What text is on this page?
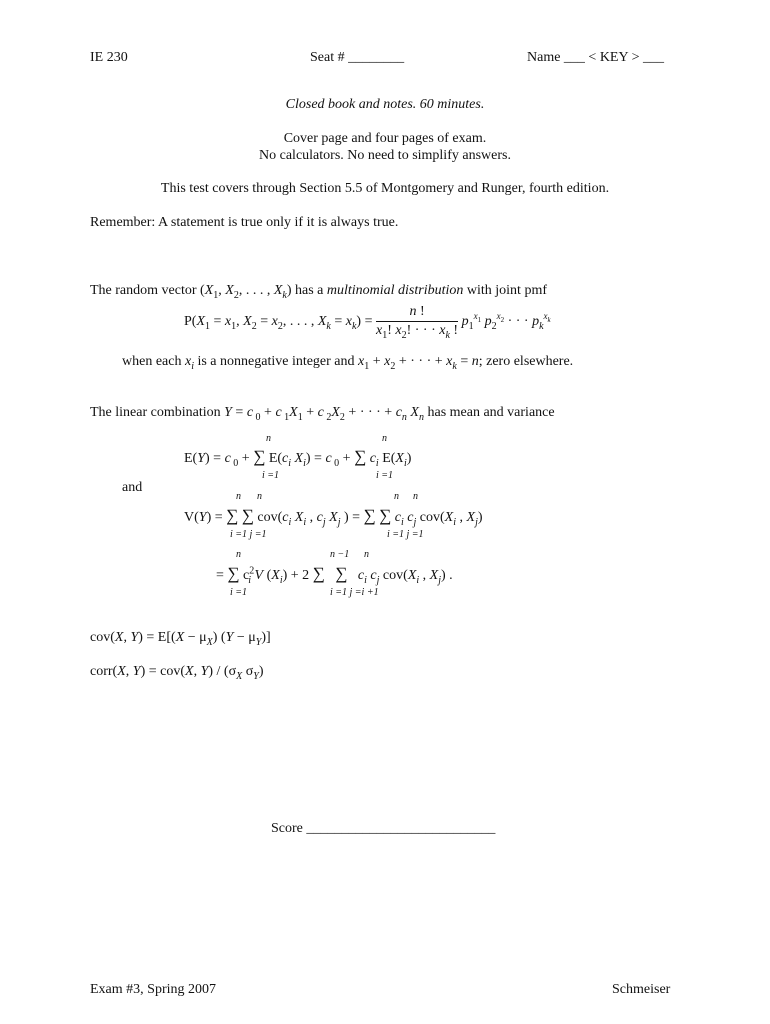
IE 230	Seat # ________	Name ___ < KEY > ___
Closed book and notes. 60 minutes.
Cover page and four pages of exam.
No calculators. No need to simplify answers.
This test covers through Section 5.5 of Montgomery and Runger, fourth edition.
Remember: A statement is true only if it is always true.
The random vector ($X_1$, $X_2$, . . . , $X_k$) has a multinomial distribution with joint pmf
$P(X_1 = x_1$, $X_2 = x_2$, . . . , $X_k = x_k) = \frac{n !}{x_1! x_2! \cdot \cdot \cdot x_k !} p_1^{x_1}$ $p_2^{x_2}$ · · · $p_k^{x_k}$
when each $x_i$ is a nonnegative integer and $x_1 + x_2$ + · · · + $x_k = n$; zero elsewhere.
The linear combination Y = c $_0$ + c $_1X_1 + c$ $_2X_2$ + · · · + $c_n$ $X_n$ has mean and variance
n	n
E(Y) = c $_0$ + ∑ $E(c_i$ $X_i) = c$ $_0$ + ∑ $c_i$ $E(X_i)$
i =1	i =1
and
n n	n n
V(Y) = ∑ ∑ $cov(c_i$ $X_i$ , $c_j$ $X_j$ ) = ∑ ∑ $c_i$ $c_j$ $cov(X_i$ , $X_j$)
i =1 j =1	i =1 j =1
n	n −1 n
= ∑ $c^2_i$ V $(X_i) + 2$ ∑ ∑ $c_i$ $c_j$ $cov(X_i$ , $X_j$) .
i =1	i =1 j =i +1
cov(X, $Y) = E[(X - \mu_X)$ $(Y - \mu_Y)$]
corr(X, Y) = cov(X, $Y) / (\sigma_X$ $\sigma_Y$)
Score ___________________________
Exam #3, Spring 2007	Schmeiser
